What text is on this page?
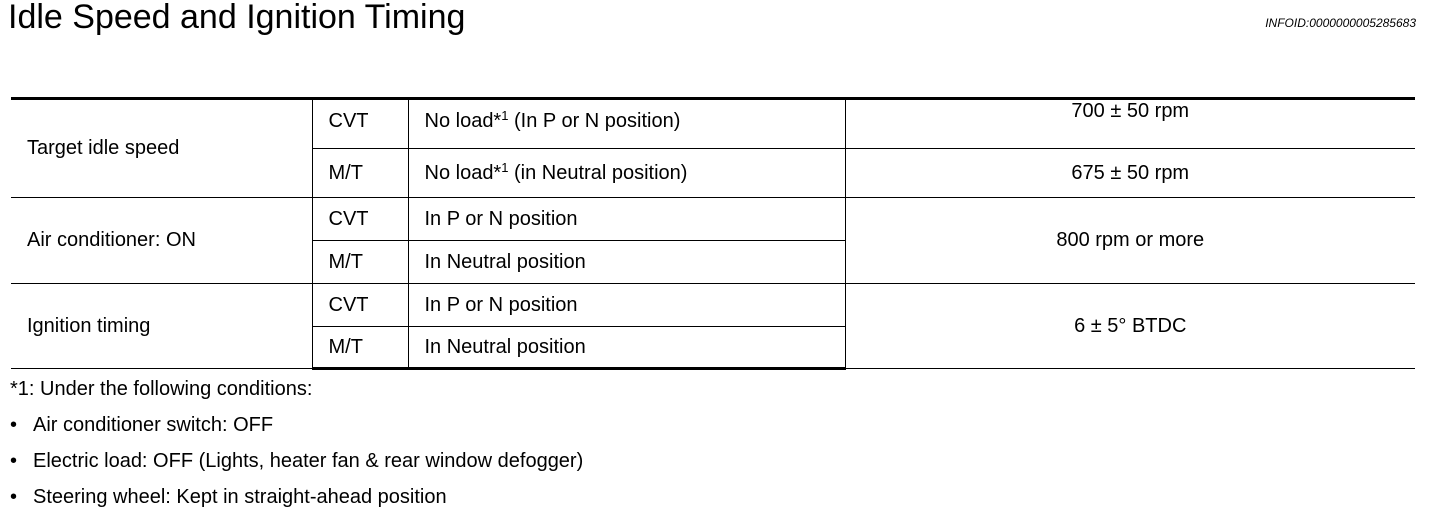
Idle Speed and Ignition Timing	INFOID:0000000005285683
Target idle speed	CVT	No load*$^1$ (In P or N position)	700 ± 50 rpm
	M/T	No load*$^1$ (in Neutral position)	675 ± 50 rpm
Air conditioner: ON	CVT	In P or N position	800 rpm or more
	M/T	In Neutral position	
Ignition timing	CVT	In P or N position	6 ± 5° BTDC
	M/T	In Neutral position	
*1: Under the following conditions:
• Air conditioner switch: OFF
• Electric load: OFF (Lights, heater fan & rear window defogger)
• Steering wheel: Kept in straight-ahead position
